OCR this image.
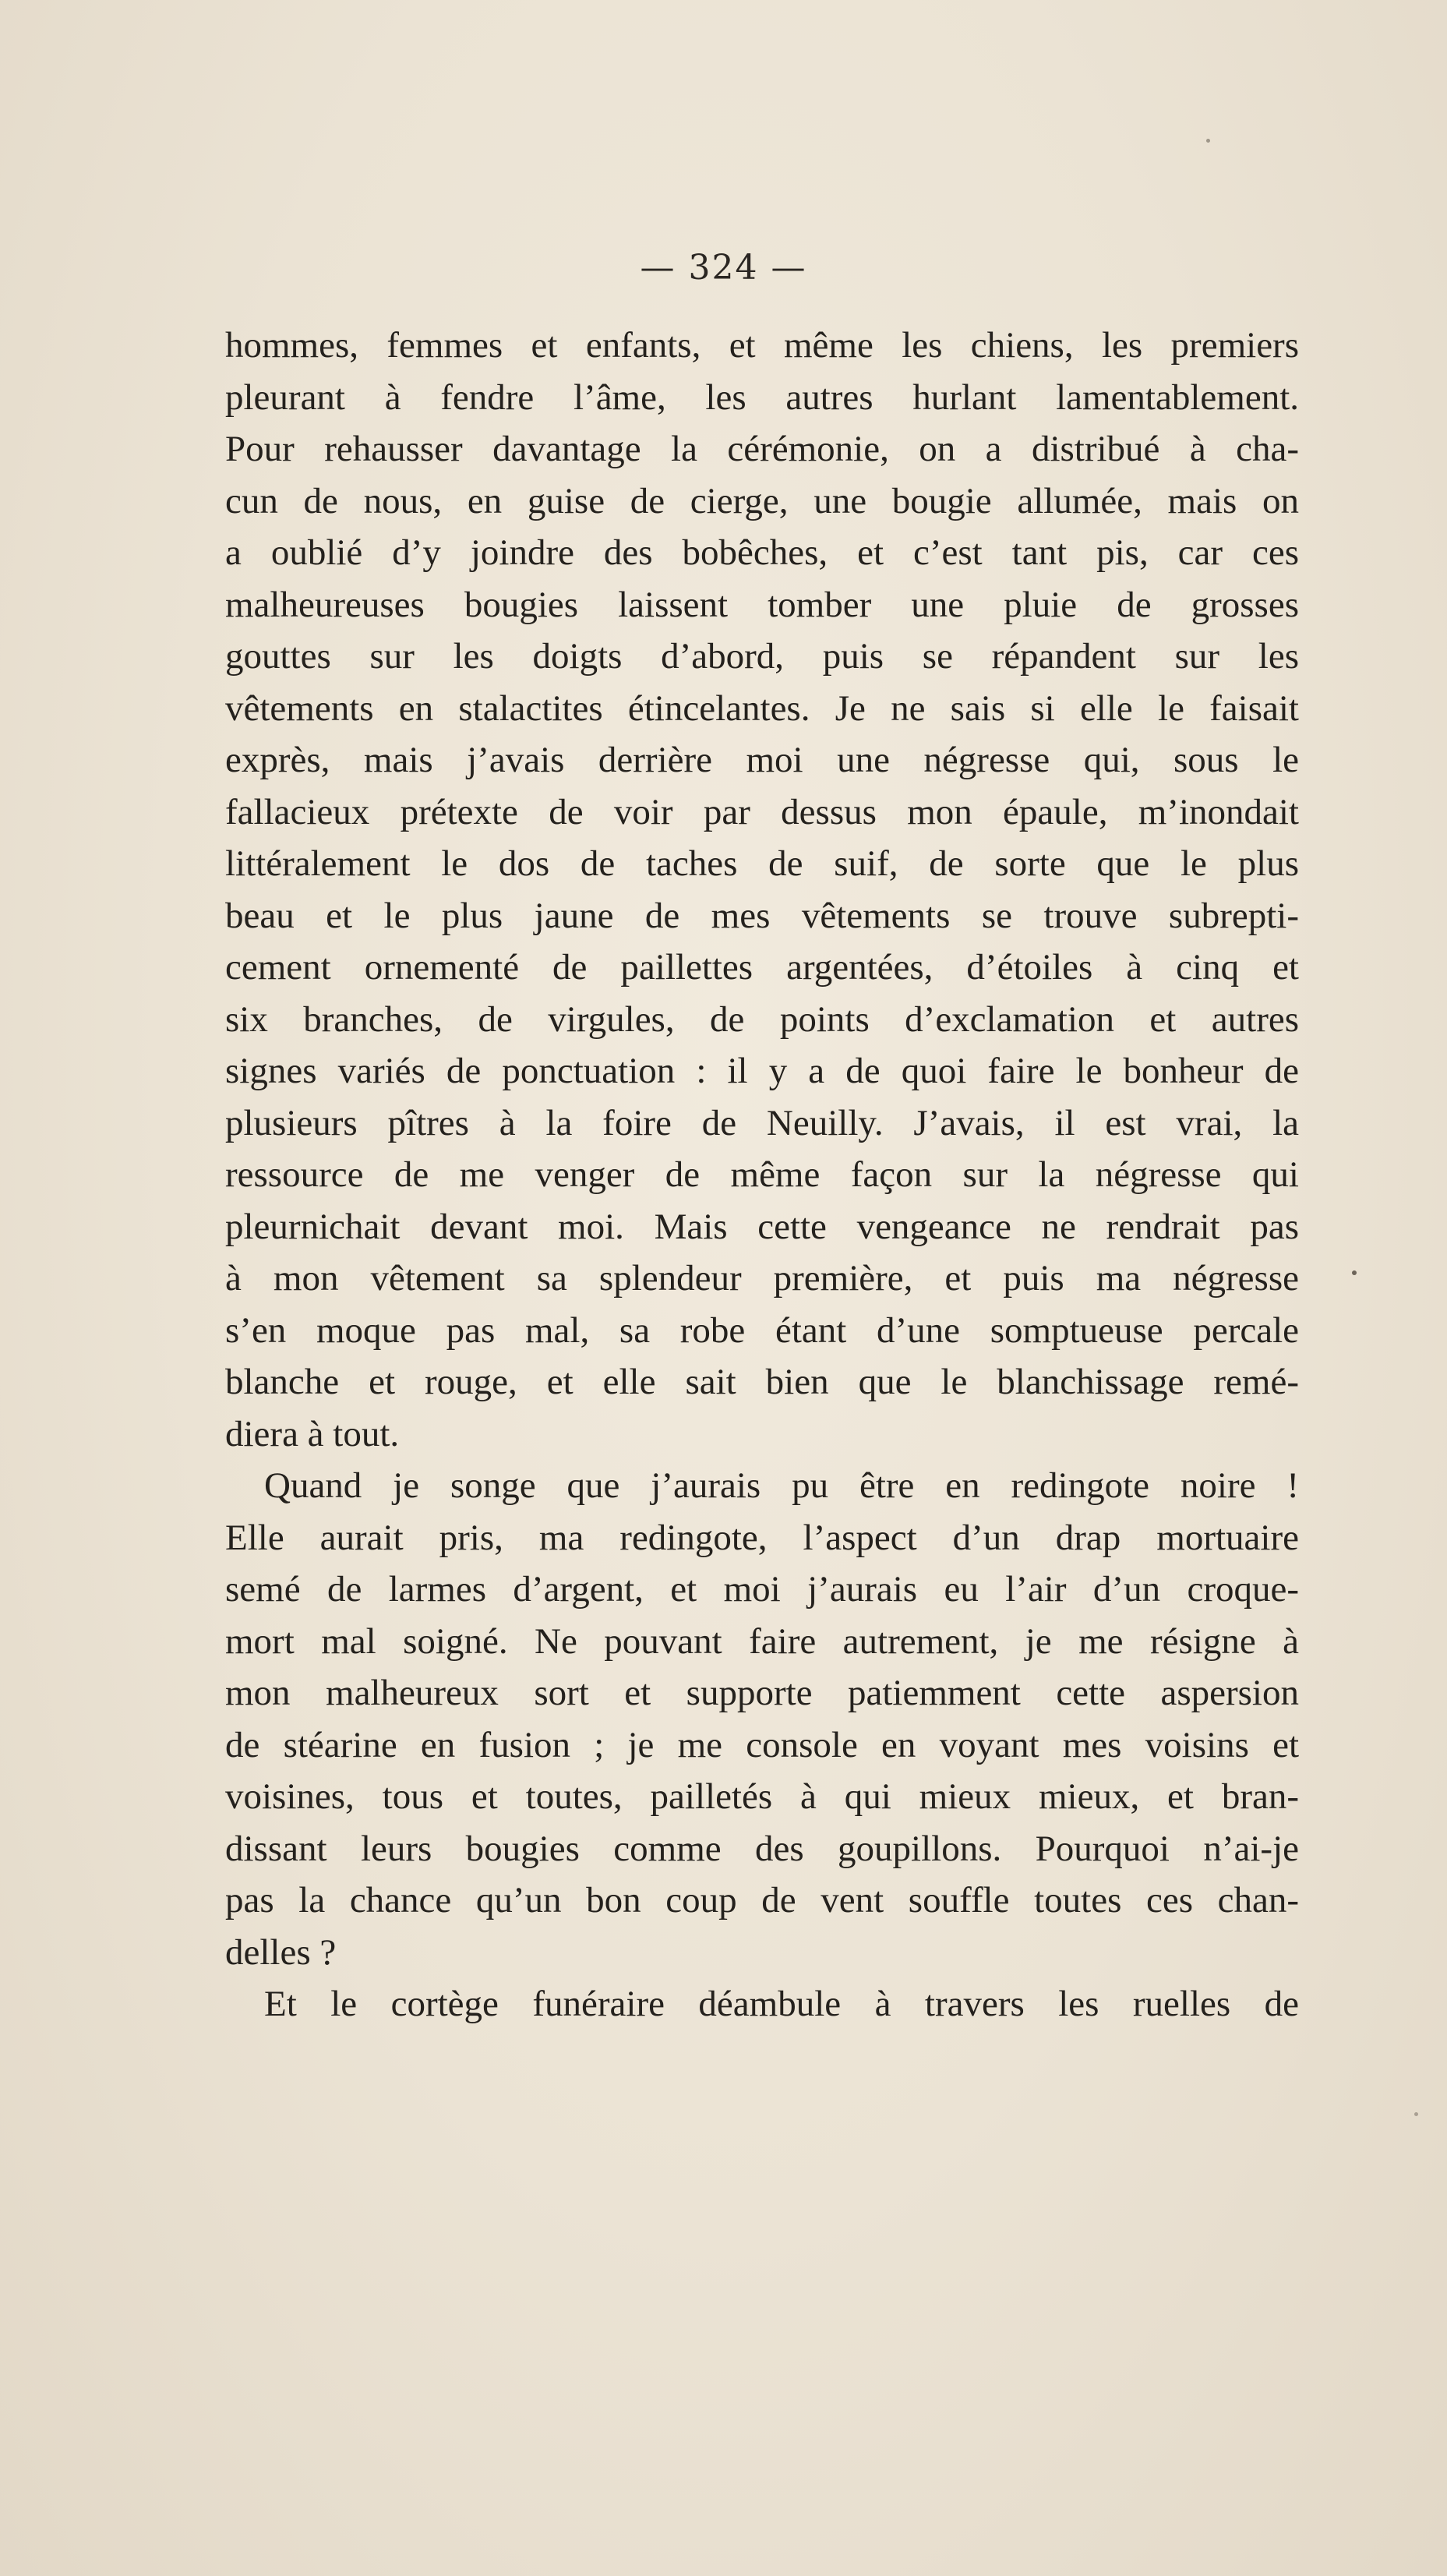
— 324 —
hommes, femmes et enfants, et même les chiens, les premiers
pleurant à fendre l’âme, les autres hurlant lamentablement.
Pour rehausser davantage la cérémonie, on a distribué à cha-
cun de nous, en guise de cierge, une bougie allumée, mais on
a oublié d’y joindre des bobêches, et c’est tant pis, car ces
malheureuses bougies laissent tomber une pluie de grosses
gouttes sur les doigts d’abord, puis se répandent sur les
vêtements en stalactites étincelantes. Je ne sais si elle le faisait
exprès, mais j’avais derrière moi une négresse qui, sous le
fallacieux prétexte de voir par dessus mon épaule, m’inondait
littéralement le dos de taches de suif, de sorte que le plus
beau et le plus jaune de mes vêtements se trouve subrepti-
cement ornementé de paillettes argentées, d’étoiles à cinq et
six branches, de virgules, de points d’exclamation et autres
signes variés de ponctuation : il y a de quoi faire le bonheur de
plusieurs pîtres à la foire de Neuilly. J’avais, il est vrai, la
ressource de me venger de même façon sur la négresse qui
pleurnichait devant moi. Mais cette vengeance ne rendrait pas
à mon vêtement sa splendeur première, et puis ma négresse
s’en moque pas mal, sa robe étant d’une somptueuse percale
blanche et rouge, et elle sait bien que le blanchissage remé-
diera à tout.
Quand je songe que j’aurais pu être en redingote noire !
Elle aurait pris, ma redingote, l’aspect d’un drap mortuaire
semé de larmes d’argent, et moi j’aurais eu l’air d’un croque-
mort mal soigné. Ne pouvant faire autrement, je me résigne à
mon malheureux sort et supporte patiemment cette aspersion
de stéarine en fusion ; je me console en voyant mes voisins et
voisines, tous et toutes, pailletés à qui mieux mieux, et bran-
dissant leurs bougies comme des goupillons. Pourquoi n’ai-je
pas la chance qu’un bon coup de vent souffle toutes ces chan-
delles ?
Et le cortège funéraire déambule à travers les ruelles de
